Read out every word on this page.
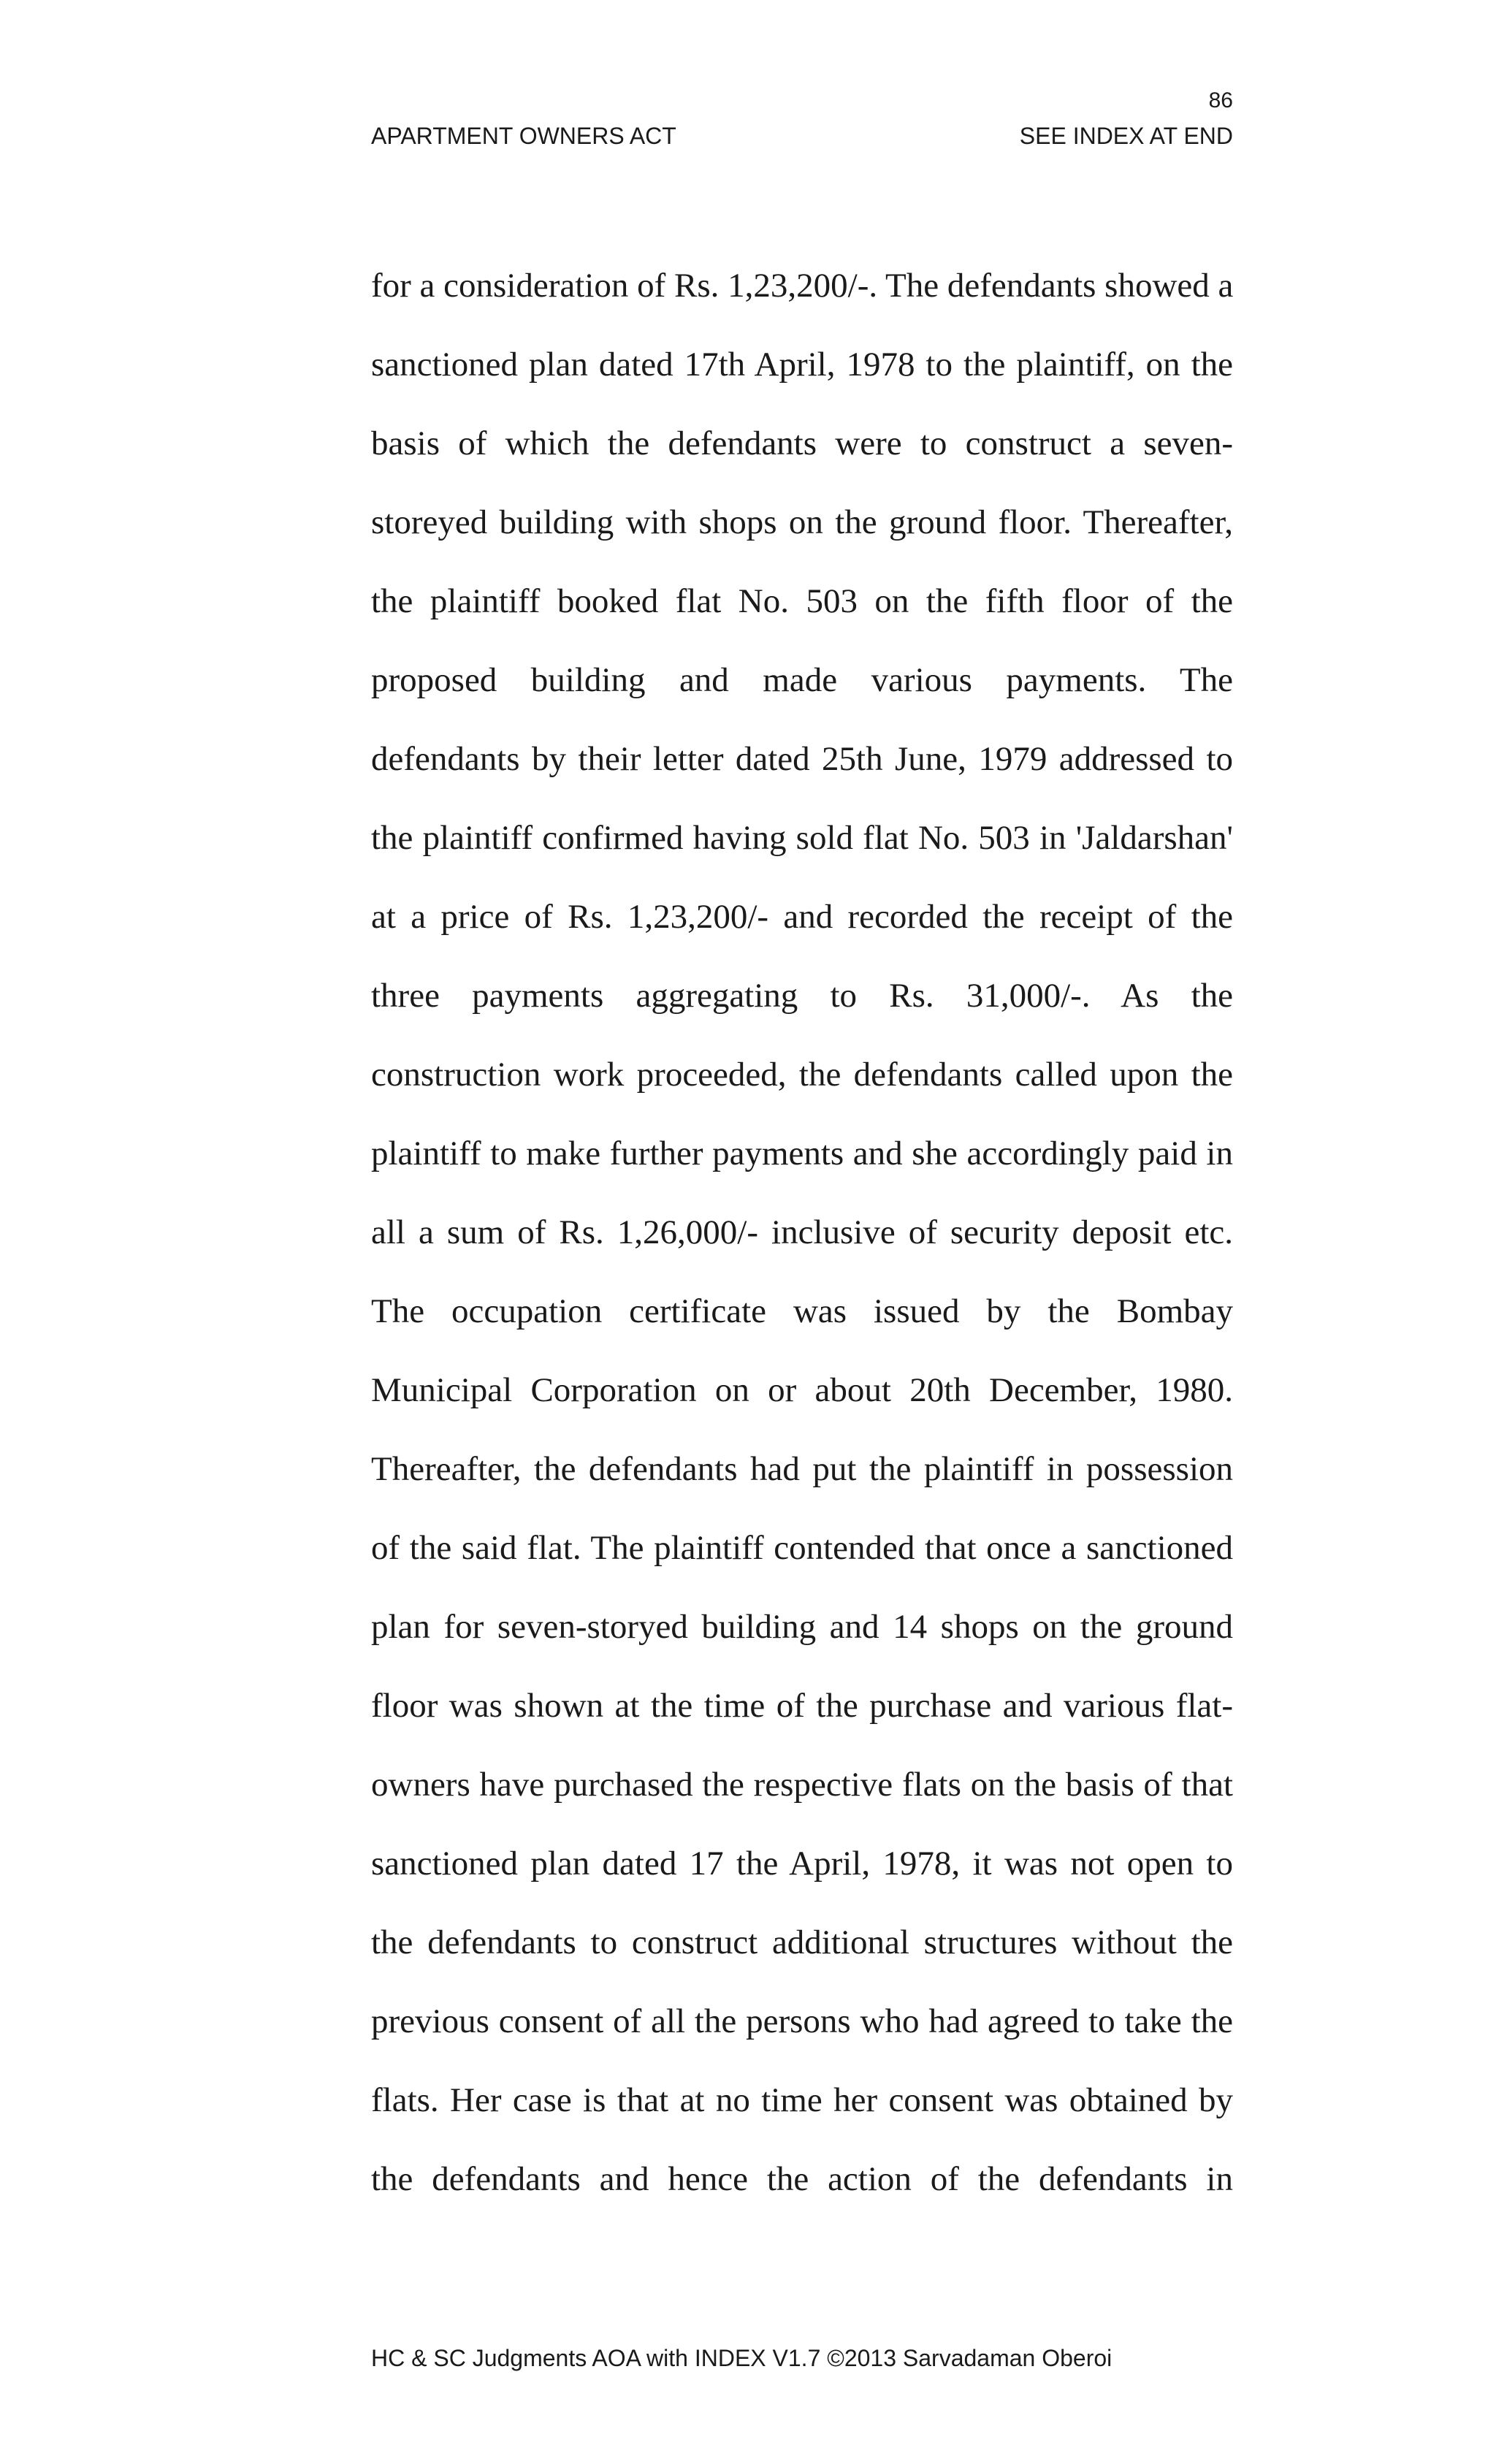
86
APARTMENT OWNERS ACT	SEE INDEX AT END
for a consideration of Rs. 1,23,200/-. The defendants showed a
sanctioned plan dated 17th April, 1978 to the plaintiff, on the
basis of which the defendants were to construct a seven-
storeyed building with shops on the ground floor. Thereafter,
the plaintiff booked flat No. 503 on the fifth floor of the
proposed building and made various payments. The
defendants by their letter dated 25th June, 1979 addressed to
the plaintiff confirmed having sold flat No. 503 in 'Jaldarshan'
at a price of Rs. 1,23,200/- and recorded the receipt of the
three payments aggregating to Rs. 31,000/-. As the
construction work proceeded, the defendants called upon the
plaintiff to make further payments and she accordingly paid in
all a sum of Rs. 1,26,000/- inclusive of security deposit etc.
The occupation certificate was issued by the Bombay
Municipal Corporation on or about 20th December, 1980.
Thereafter, the defendants had put the plaintiff in possession
of the said flat. The plaintiff contended that once a sanctioned
plan for seven-storyed building and 14 shops on the ground
floor was shown at the time of the purchase and various flat-
owners have purchased the respective flats on the basis of that
sanctioned plan dated 17 the April, 1978, it was not open to
the defendants to construct additional structures without the
previous consent of all the persons who had agreed to take the
flats. Her case is that at no time her consent was obtained by
the defendants and hence the action of the defendants in
HC & SC Judgments AOA with INDEX V1.7 ©2013 Sarvadaman Oberoi
